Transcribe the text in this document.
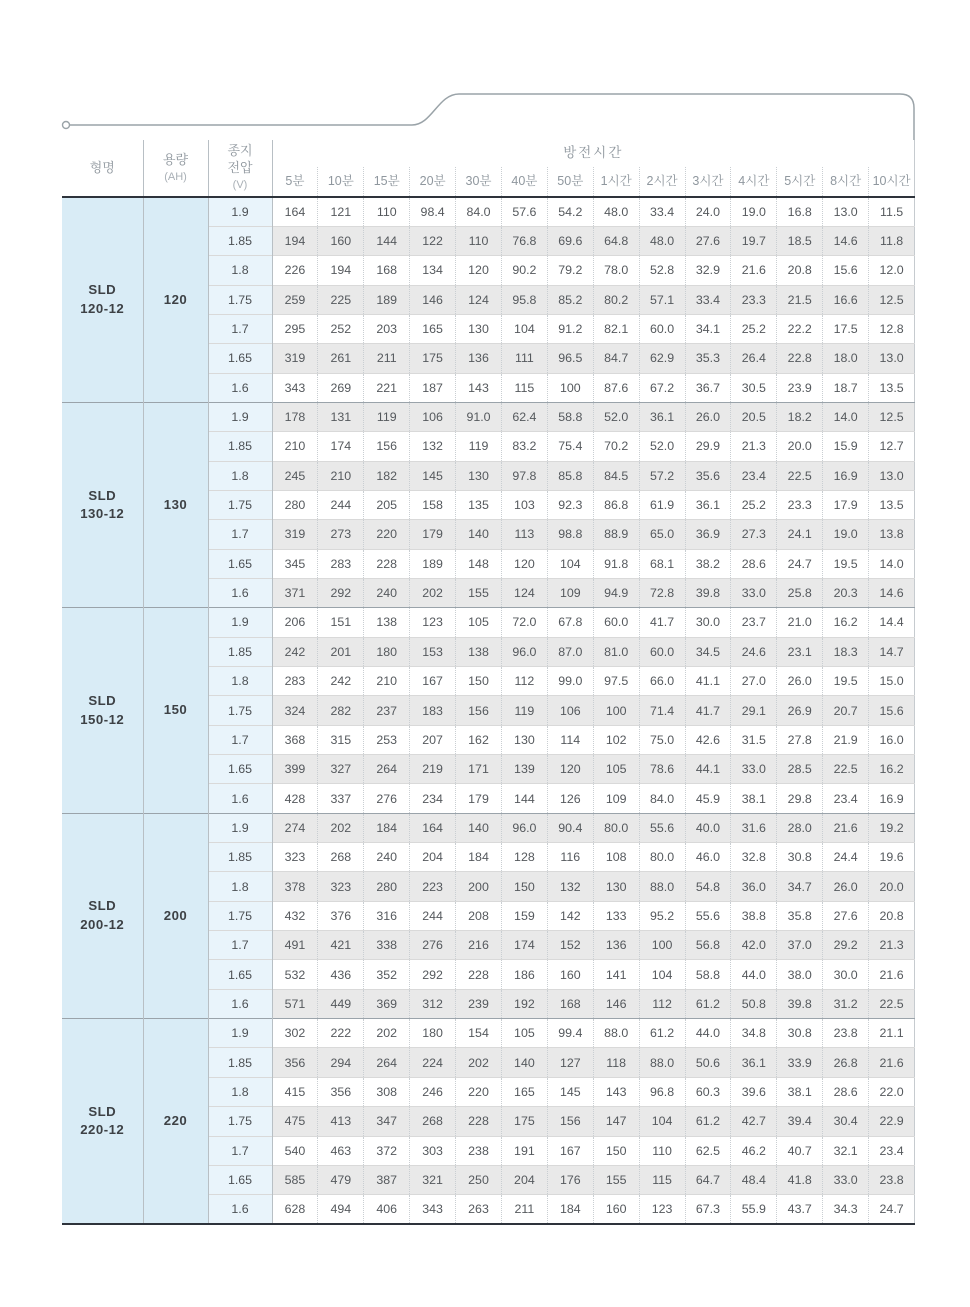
형명	용량
(AH)	종지
전압
(V)	방전시간													
			5분	10분	15분	20분	30분	40분	50분	1시간	2시간	3시간	4시간	5시간	8시간	10시간
SLD
120-12	120	1.9	164	121	110	98.4	84.0	57.6	54.2	48.0	33.4	24.0	19.0	16.8	13.0	11.5
		1.85	194	160	144	122	110	76.8	69.6	64.8	48.0	27.6	19.7	18.5	14.6	11.8
		1.8	226	194	168	134	120	90.2	79.2	78.0	52.8	32.9	21.6	20.8	15.6	12.0
		1.75	259	225	189	146	124	95.8	85.2	80.2	57.1	33.4	23.3	21.5	16.6	12.5
		1.7	295	252	203	165	130	104	91.2	82.1	60.0	34.1	25.2	22.2	17.5	12.8
		1.65	319	261	211	175	136	111	96.5	84.7	62.9	35.3	26.4	22.8	18.0	13.0
		1.6	343	269	221	187	143	115	100	87.6	67.2	36.7	30.5	23.9	18.7	13.5
SLD
130-12	130	1.9	178	131	119	106	91.0	62.4	58.8	52.0	36.1	26.0	20.5	18.2	14.0	12.5
		1.85	210	174	156	132	119	83.2	75.4	70.2	52.0	29.9	21.3	20.0	15.9	12.7
		1.8	245	210	182	145	130	97.8	85.8	84.5	57.2	35.6	23.4	22.5	16.9	13.0
		1.75	280	244	205	158	135	103	92.3	86.8	61.9	36.1	25.2	23.3	17.9	13.5
		1.7	319	273	220	179	140	113	98.8	88.9	65.0	36.9	27.3	24.1	19.0	13.8
		1.65	345	283	228	189	148	120	104	91.8	68.1	38.2	28.6	24.7	19.5	14.0
		1.6	371	292	240	202	155	124	109	94.9	72.8	39.8	33.0	25.8	20.3	14.6
SLD
150-12	150	1.9	206	151	138	123	105	72.0	67.8	60.0	41.7	30.0	23.7	21.0	16.2	14.4
		1.85	242	201	180	153	138	96.0	87.0	81.0	60.0	34.5	24.6	23.1	18.3	14.7
		1.8	283	242	210	167	150	112	99.0	97.5	66.0	41.1	27.0	26.0	19.5	15.0
		1.75	324	282	237	183	156	119	106	100	71.4	41.7	29.1	26.9	20.7	15.6
		1.7	368	315	253	207	162	130	114	102	75.0	42.6	31.5	27.8	21.9	16.0
		1.65	399	327	264	219	171	139	120	105	78.6	44.1	33.0	28.5	22.5	16.2
		1.6	428	337	276	234	179	144	126	109	84.0	45.9	38.1	29.8	23.4	16.9
SLD
200-12	200	1.9	274	202	184	164	140	96.0	90.4	80.0	55.6	40.0	31.6	28.0	21.6	19.2
		1.85	323	268	240	204	184	128	116	108	80.0	46.0	32.8	30.8	24.4	19.6
		1.8	378	323	280	223	200	150	132	130	88.0	54.8	36.0	34.7	26.0	20.0
		1.75	432	376	316	244	208	159	142	133	95.2	55.6	38.8	35.8	27.6	20.8
		1.7	491	421	338	276	216	174	152	136	100	56.8	42.0	37.0	29.2	21.3
		1.65	532	436	352	292	228	186	160	141	104	58.8	44.0	38.0	30.0	21.6
		1.6	571	449	369	312	239	192	168	146	112	61.2	50.8	39.8	31.2	22.5
SLD
220-12	220	1.9	302	222	202	180	154	105	99.4	88.0	61.2	44.0	34.8	30.8	23.8	21.1
		1.85	356	294	264	224	202	140	127	118	88.0	50.6	36.1	33.9	26.8	21.6
		1.8	415	356	308	246	220	165	145	143	96.8	60.3	39.6	38.1	28.6	22.0
		1.75	475	413	347	268	228	175	156	147	104	61.2	42.7	39.4	30.4	22.9
		1.7	540	463	372	303	238	191	167	150	110	62.5	46.2	40.7	32.1	23.4
		1.65	585	479	387	321	250	204	176	155	115	64.7	48.4	41.8	33.0	23.8
		1.6	628	494	406	343	263	211	184	160	123	67.3	55.9	43.7	34.3	24.7
